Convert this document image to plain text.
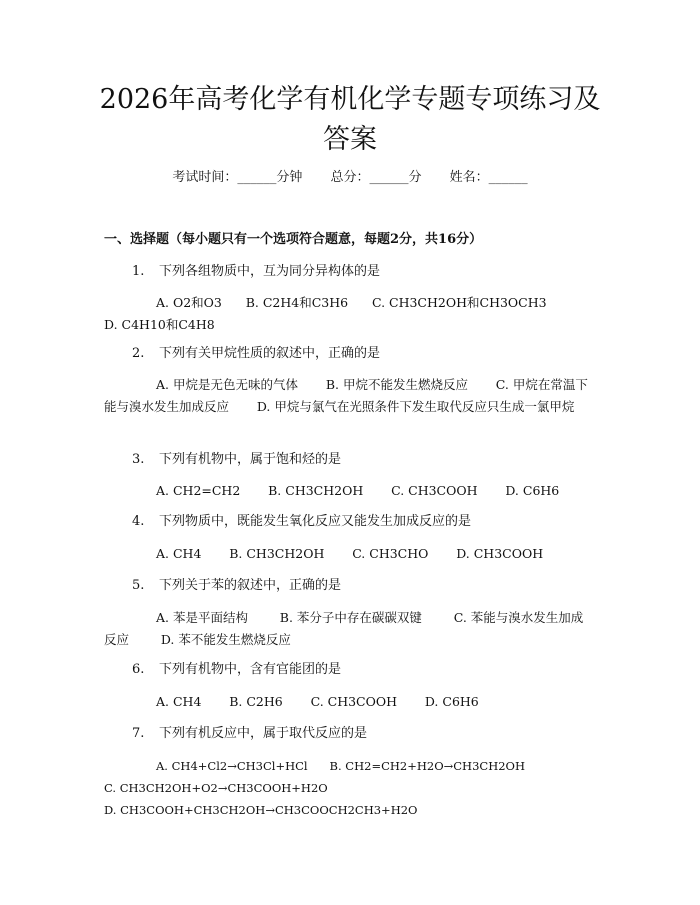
2026年高考化学有机化学专题专项练习及答案
考试时间：______分钟 总分：______分 姓名：______
一、选择题（每小题只有一个选项符合题意，每题2分，共16分）
1. 下列各组物质中，互为同分异构体的是
A. O2和O3 B. C2H4和C3H6 C. CH3CH2OH和CH3OCH3      D. C4H10和C4H8
2. 下列有关甲烷性质的叙述中，正确的是
A. 甲烷是无色无味的气体 B. 甲烷不能发生燃烧反应 C. 甲烷在常温下能与溴水发生加成反应 D. 甲烷与氯气在光照条件下发生取代反应只生成一氯甲烷
3. 下列有机物中，属于饱和烃的是
A. CH2=CH2 B. CH3CH2OH C. CH3COOH D. C6H6
4. 下列物质中，既能发生氧化反应又能发生加成反应的是
A. CH4 B. CH3CH2OH C. CH3CHO D. CH3COOH
5. 下列关于苯的叙述中，正确的是
A. 苯是平面结构	B. 苯分子中存在碳碳双键	C. 苯能与溴水发生加成反应	D. 苯不能发生燃烧反应
6. 下列有机物中，含有官能团的是
A. CH4 B. C2H6 C. CH3COOH D. C6H6
7. 下列有机反应中，属于取代反应的是
A. CH4+Cl2→CH3Cl+HCl B. CH2=CH2+H2O→CH3CH2OH      C. CH3CH2OH+O2→CH3COOH+H2O      D. CH3COOH+CH3CH2OH→CH3COOCH2CH3+H2O
